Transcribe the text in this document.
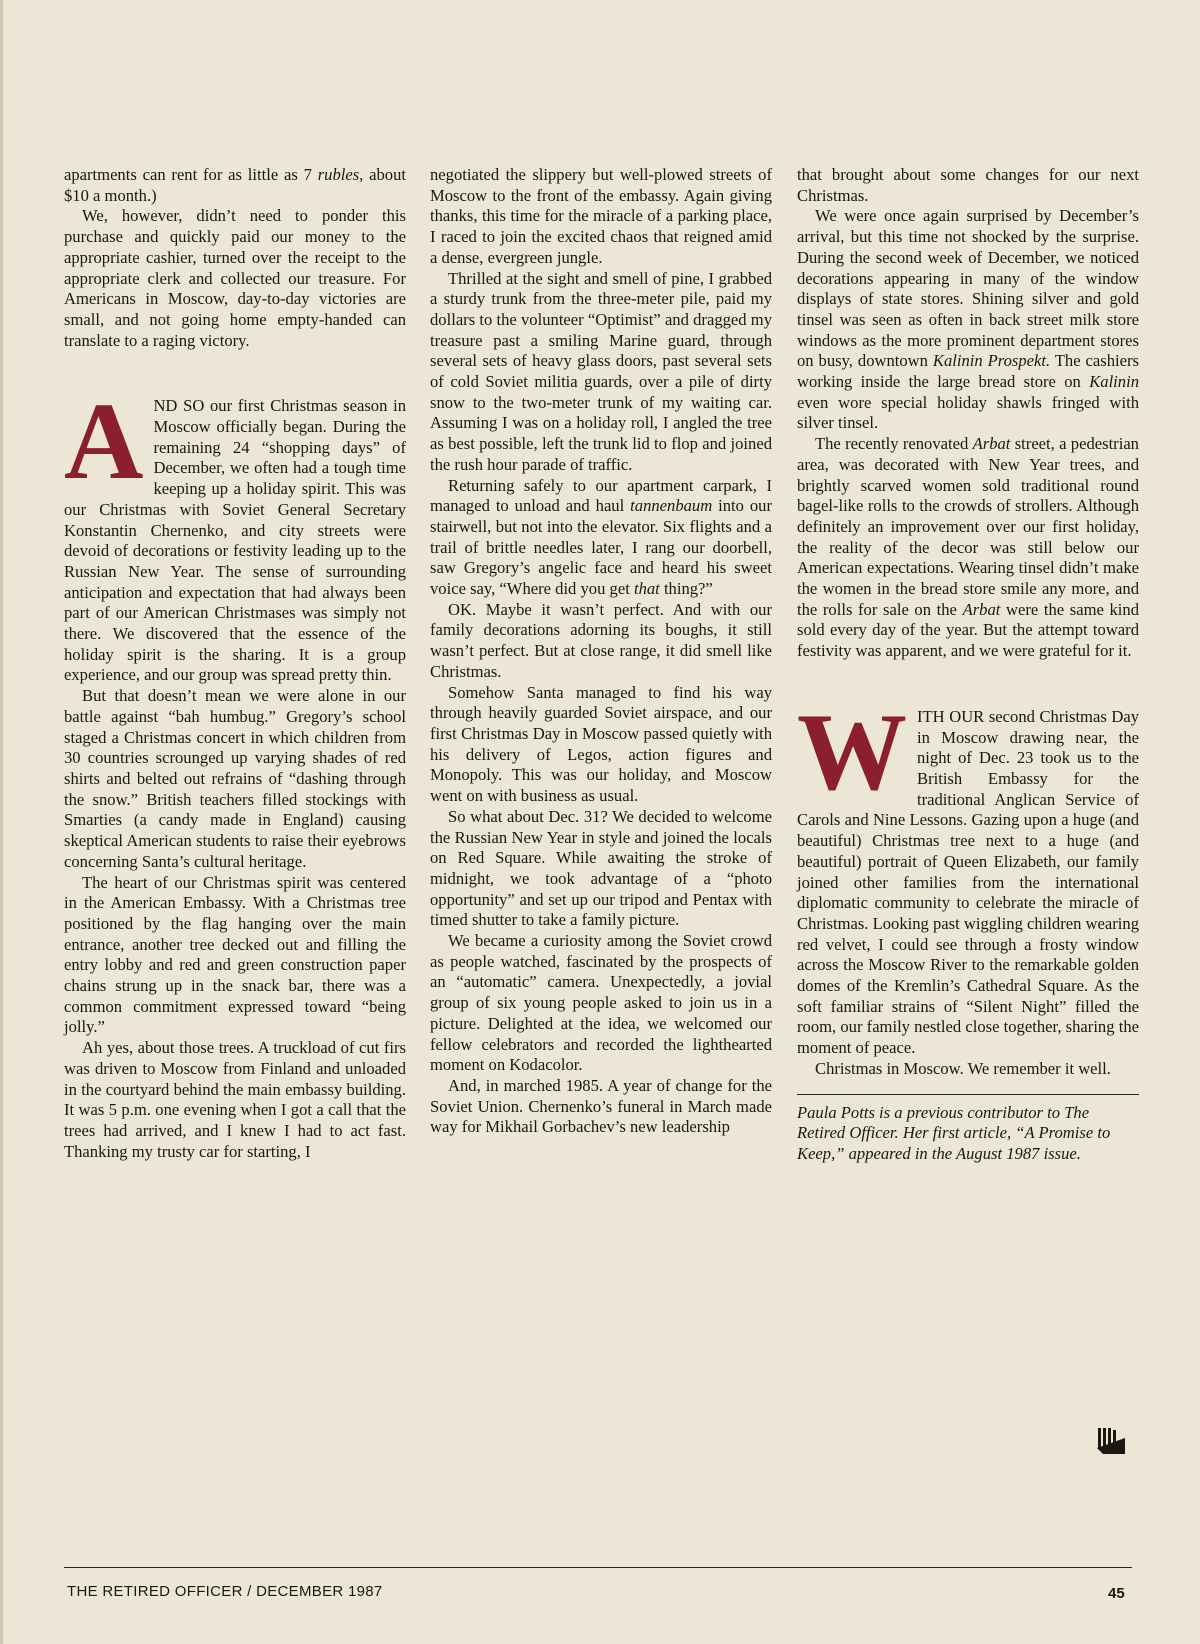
apartments can rent for as little as 7 rubles, about $10 a month.)

We, however, didn’t need to ponder this purchase and quickly paid our money to the appropriate cashier, turned over the receipt to the appropriate clerk and collected our treasure. For Americans in Moscow, day-to-day victories are small, and not going home empty-handed can translate to a raging victory.

AND SO our first Christmas season in Moscow officially began. During the remaining 24 “shopping days” of December, we often had a tough time keeping up a holiday spirit. This was our Christmas with Soviet General Secretary Konstantin Chernenko, and city streets were devoid of decorations or festivity leading up to the Russian New Year. The sense of surrounding anticipation and expectation that had always been part of our American Christmases was simply not there. We discovered that the essence of the holiday spirit is the sharing. It is a group experience, and our group was spread pretty thin.

But that doesn’t mean we were alone in our battle against “bah humbug.” Gregory’s school staged a Christmas concert in which children from 30 countries scrounged up varying shades of red shirts and belted out refrains of “dashing through the snow.” British teachers filled stockings with Smarties (a candy made in England) causing skeptical American students to raise their eyebrows concerning Santa’s cultural heritage.

The heart of our Christmas spirit was centered in the American Embassy. With a Christmas tree positioned by the flag hanging over the main entrance, another tree decked out and filling the entry lobby and red and green construction paper chains strung up in the snack bar, there was a common commitment expressed toward “being jolly.”

Ah yes, about those trees. A truckload of cut firs was driven to Moscow from Finland and unloaded in the courtyard behind the main embassy building. It was 5 p.m. one evening when I got a call that the trees had arrived, and I knew I had to act fast. Thanking my trusty car for starting, I

negotiated the slippery but well-plowed streets of Moscow to the front of the embassy. Again giving thanks, this time for the miracle of a parking place, I raced to join the excited chaos that reigned amid a dense, evergreen jungle.

Thrilled at the sight and smell of pine, I grabbed a sturdy trunk from the three-meter pile, paid my dollars to the volunteer “Optimist” and dragged my treasure past a smiling Marine guard, through several sets of heavy glass doors, past several sets of cold Soviet militia guards, over a pile of dirty snow to the two-meter trunk of my waiting car. Assuming I was on a holiday roll, I angled the tree as best possible, left the trunk lid to flop and joined the rush hour parade of traffic.

Returning safely to our apartment carpark, I managed to unload and haul tannenbaum into our stairwell, but not into the elevator. Six flights and a trail of brittle needles later, I rang our doorbell, saw Gregory’s angelic face and heard his sweet voice say, “Where did you get that thing?”

OK. Maybe it wasn’t perfect. And with our family decorations adorning its boughs, it still wasn’t perfect. But at close range, it did smell like Christmas.

Somehow Santa managed to find his way through heavily guarded Soviet airspace, and our first Christmas Day in Moscow passed quietly with his delivery of Legos, action figures and Monopoly. This was our holiday, and Moscow went on with business as usual.

So what about Dec. 31? We decided to welcome the Russian New Year in style and joined the locals on Red Square. While awaiting the stroke of midnight, we took advantage of a “photo opportunity” and set up our tripod and Pentax with timed shutter to take a family picture.

We became a curiosity among the Soviet crowd as people watched, fascinated by the prospects of an “automatic” camera. Unexpectedly, a jovial group of six young people asked to join us in a picture. Delighted at the idea, we welcomed our fellow celebrators and recorded the lighthearted moment on Kodacolor.

And, in marched 1985. A year of change for the Soviet Union. Chernenko’s funeral in March made way for Mikhail Gorbachev’s new leadership

that brought about some changes for our next Christmas.

We were once again surprised by December’s arrival, but this time not shocked by the surprise. During the second week of December, we noticed decorations appearing in many of the window displays of state stores. Shining silver and gold tinsel was seen as often in back street milk store windows as the more prominent department stores on busy, downtown Kalinin Prospekt. The cashiers working inside the large bread store on Kalinin even wore special holiday shawls fringed with silver tinsel.

The recently renovated Arbat street, a pedestrian area, was decorated with New Year trees, and brightly scarved women sold traditional round bagel-like rolls to the crowds of strollers. Although definitely an improvement over our first holiday, the reality of the decor was still below our American expectations. Wearing tinsel didn’t make the women in the bread store smile any more, and the rolls for sale on the Arbat were the same kind sold every day of the year. But the attempt toward festivity was apparent, and we were grateful for it.

WITH OUR second Christmas Day in Moscow drawing near, the night of Dec. 23 took us to the British Embassy for the traditional Anglican Service of Carols and Nine Lessons. Gazing upon a huge (and beautiful) Christmas tree next to a huge (and beautiful) portrait of Queen Elizabeth, our family joined other families from the international diplomatic community to celebrate the miracle of Christmas. Looking past wiggling children wearing red velvet, I could see through a frosty window across the Moscow River to the remarkable golden domes of the Kremlin’s Cathedral Square. As the soft familiar strains of “Silent Night” filled the room, our family nestled close together, sharing the moment of peace.

Christmas in Moscow. We remember it well.

Paula Potts is a previous contributor to The Retired Officer. Her first article, “A Promise to Keep,” appeared in the August 1987 issue.

THE RETIRED OFFICER / DECEMBER 1987	45
